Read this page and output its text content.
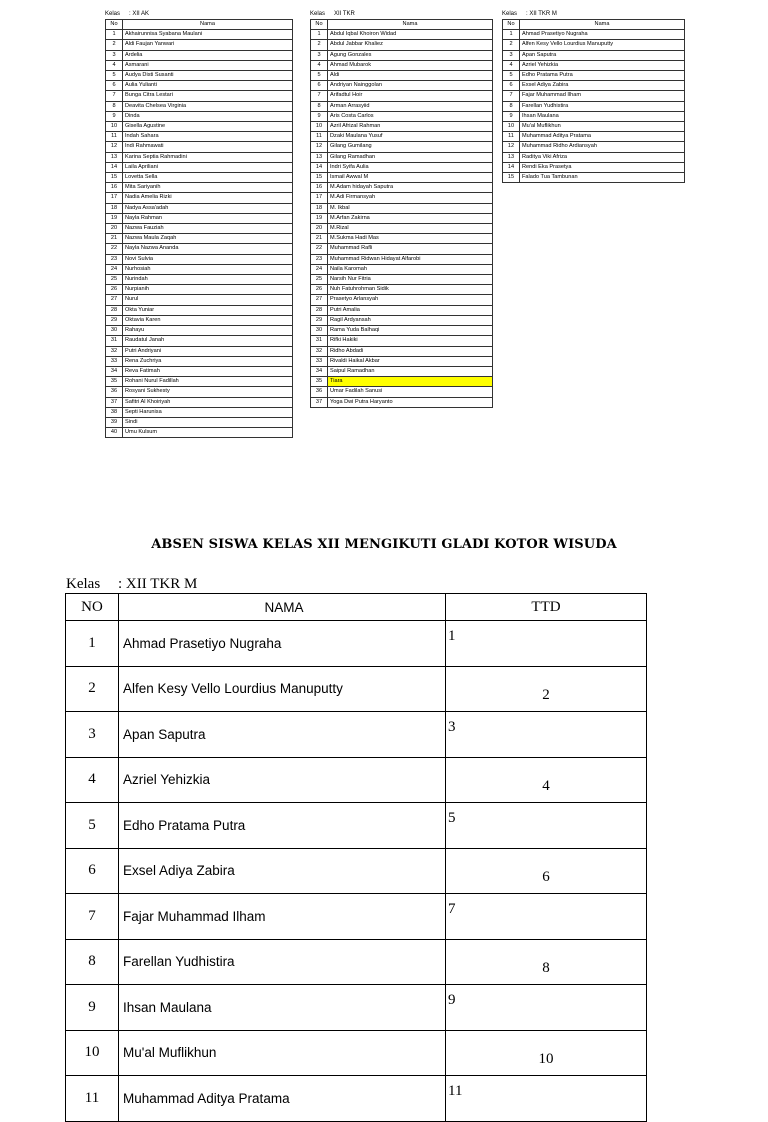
Kelas : XII AK
No	Nama
1	Akhairunnisa Syabana Maulani
2	Aldi Faujan Yanwari
3	Ardelia
4	Asmarani
5	Audya Disti Susanti
6	Aulia Yulianti
7	Bunga Citra Lestari
8	Deavita Chelsea Virginia
9	Dinda
10	Gisella Agustine
11	Indah Sahara
12	Indi Rahmawati
13	Karina Septia Rahmadini
14	Laila Apriliani
15	Lovetta Sella
16	Mita Sariyanih
17	Nadia Amelia Rizki
18	Nadya Assa'adah
19	Nayla Rahman
20	Nazwa Fauziah
21	Nazwa Maula Zaqah
22	Nayla Nazwa Ananda
23	Novi Sulvia
24	Nurhosiah
25	Nurindah
26	Nurpianih
27	Nurul
28	Okta Yuniar
29	Oktavia Karen
30	Rahayu
31	Raudatul Janah
32	Putri Andriyani
33	Rena Zuchriya
34	Reva Fatimah
35	Rohani Nurul Fadillah
36	Rosyani Sukhesty
37	Safitri Al Khoiriyah
38	Septi Harunisa
39	Sindi
40	Umu Kulsum
Kelas XII TKR
No	Nama
1	Abdul Iqbal Khoiron Widad
2	Abdul Jabbar Khaliez
3	Agung Gonzales
4	Ahmad Mubarok
5	Aldi
6	Andriyan Nainggolan
7	Arifadtul Hoir
8	Arman Arrasyiid
9	Aris Costa Carlos
10	Azril Afrizal Rahman
11	Dzaki Maulana Yusuf
12	Gilang Gumilang
13	Gilang Ramadhan
14	Indri Syifa Aulia
15	Ismail Awwal M
16	M.Adam hidayah Saputra
17	M.Adi Firmansyah
18	M. Ikbal
19	M.Arfan Zakirna
20	M.Rizal
21	M.Sukma Hadi Mas
22	Muhammad Rafli
23	Muhammad Ridwan Hidayat Alfarobi
24	Naila Karomah
25	Narsih Nur Fitria
26	Nuh Fatuhrohman Sidik
27	Prasetyo Arlansyah
28	Putri Amalia
29	Ragil Ardyansah
30	Rama Yuda Balhaqi
31	Rifki Hakiki
32	Ridho Abdadi
33	Rivaldi Haikal Akbar
34	Saipul Ramadhan
35	Tiara
36	Umar Fadilah Sanusi
37	Yoga Dwi Putra Haryanto
Kelas : XII TKR M
No	Nama
1	Ahmad Prasetiyo Nugraha
2	Alfen Kesy Vello Lourdius Manuputty
3	Apan Saputra
4	Azriel Yehizkia
5	Edho Pratama Putra
6	Exsel Adiya Zabira
7	Fajar Muhammad Ilham
8	Farellan Yudhistira
9	Ihsan Maulana
10	Mu'al Muflikhun
11	Muhammad Aditya Pratama
12	Muhammad Ridho Ardiansyah
13	Raditya Viki Afriza
14	Rendi Eka Prasetya
15	Falado Tua Tambunan
ABSEN SISWA KELAS XII MENGIKUTI GLADI KOTOR WISUDA
Kelas : XII TKR M
NO	NAMA	TTD
1	Ahmad Prasetiyo Nugraha	1
2	Alfen Kesy Vello Lourdius Manuputty	2
3	Apan Saputra	3
4	Azriel Yehizkia	4
5	Edho Pratama Putra	5
6	Exsel Adiya Zabira	6
7	Fajar Muhammad Ilham	7
8	Farellan Yudhistira	8
9	Ihsan Maulana	9
10	Mu'al Muflikhun	10
11	Muhammad Aditya Pratama	11
